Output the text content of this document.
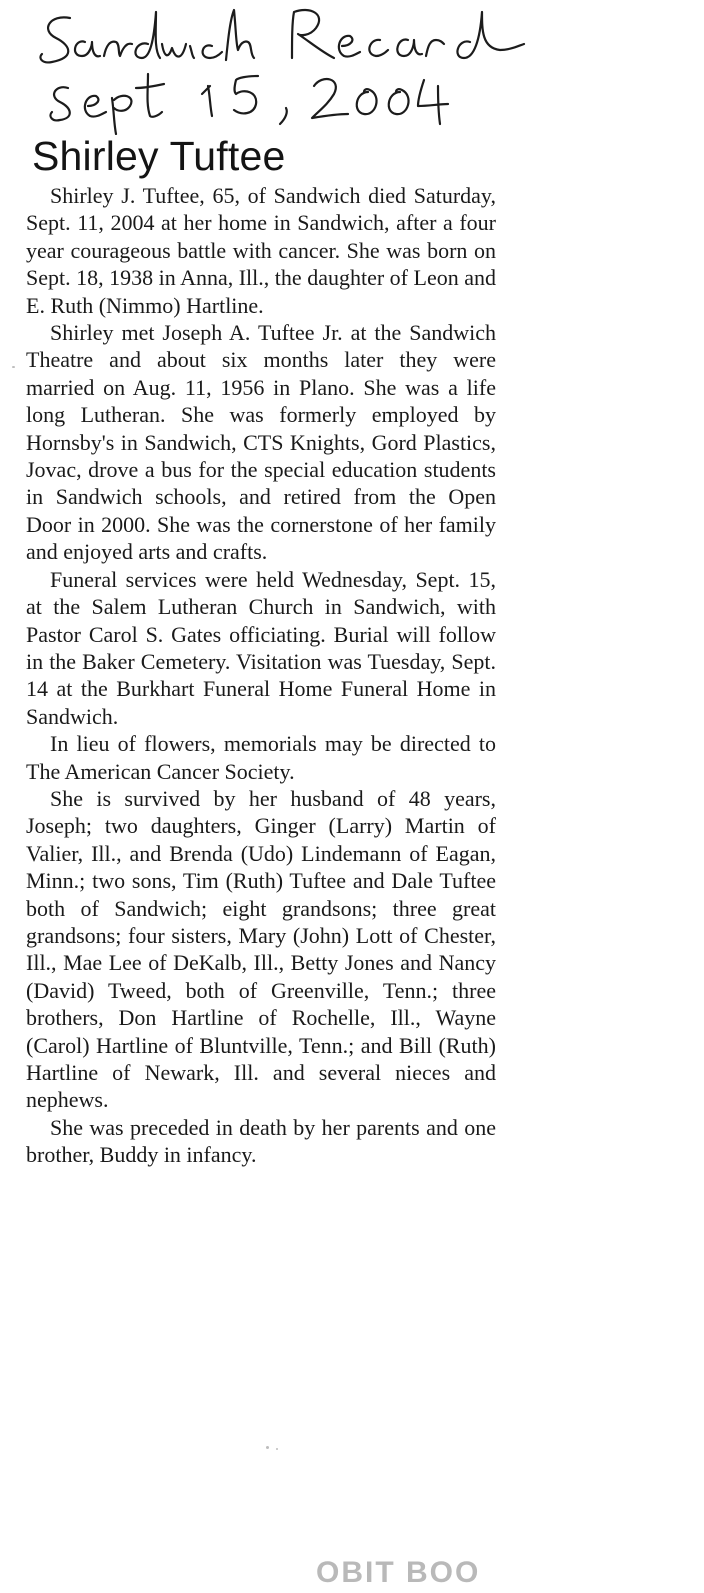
Shirley Tuftee

Shirley J. Tuftee, 65, of Sandwich died Saturday, Sept. 11, 2004 at her home in Sandwich, after a four year courageous battle with cancer. She was born on Sept. 18, 1938 in Anna, Ill., the daughter of Leon and E. Ruth (Nimmo) Hartline.

Shirley met Joseph A. Tuftee Jr. at the Sandwich Theatre and about six months later they were married on Aug. 11, 1956 in Plano. She was a life long Lutheran. She was formerly employed by Hornsby's in Sandwich, CTS Knights, Gord Plastics, Jovac, drove a bus for the special education students in Sandwich schools, and retired from the Open Door in 2000. She was the cornerstone of her family and enjoyed arts and crafts.

Funeral services were held Wednesday, Sept. 15, at the Salem Lutheran Church in Sandwich, with Pastor Carol S. Gates officiating. Burial will follow in the Baker Cemetery. Visitation was Tuesday, Sept. 14 at the Burkhart Funeral Home Funeral Home in Sandwich.

In lieu of flowers, memorials may be directed to The American Cancer Society.

She is survived by her husband of 48 years, Joseph; two daughters, Ginger (Larry) Martin of Valier, Ill., and Brenda (Udo) Lindemann of Eagan, Minn.; two sons, Tim (Ruth) Tuftee and Dale Tuftee both of Sandwich; eight grandsons; three great grandsons; four sisters, Mary (John) Lott of Chester, Ill., Mae Lee of DeKalb, Ill., Betty Jones and Nancy (David) Tweed, both of Greenville, Tenn.; three brothers, Don Hartline of Rochelle, Ill., Wayne (Carol) Hartline of Bluntville, Tenn.; and Bill (Ruth) Hartline of Newark, Ill. and several nieces and nephews.

She was preceded in death by her parents and one brother, Buddy in infancy.

OBIT BOO
